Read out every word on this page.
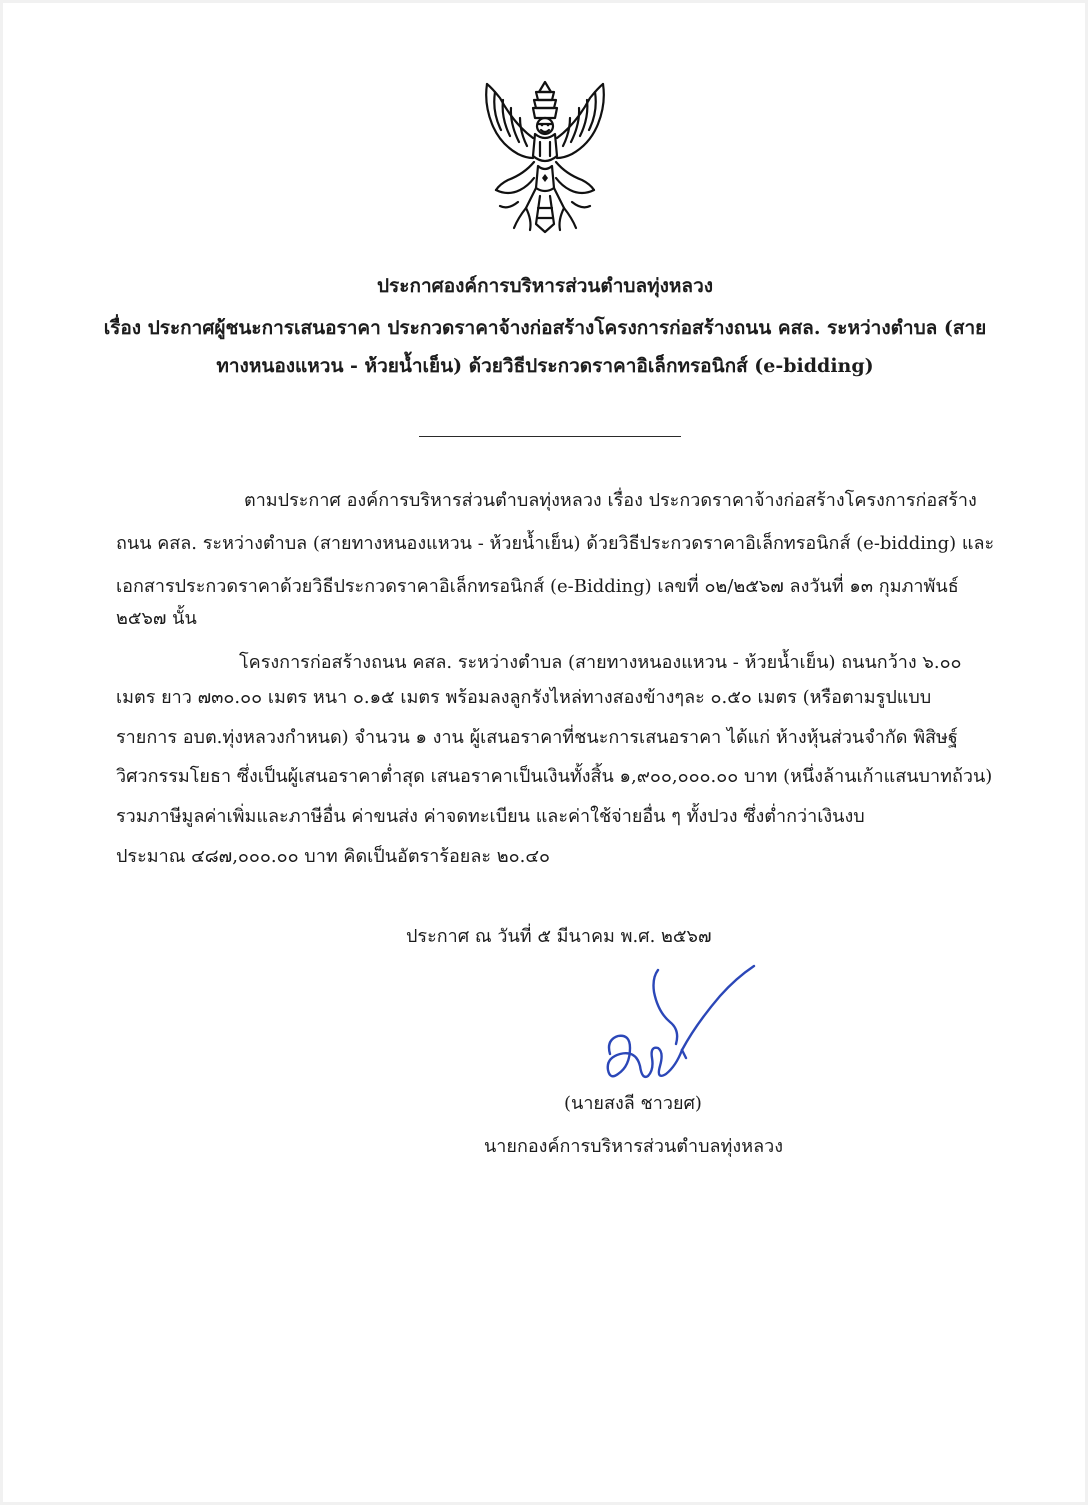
ประกาศองค์การบริหารส่วนตำบลทุ่งหลวง
เรื่อง ประกาศผู้ชนะการเสนอราคา ประกวดราคาจ้างก่อสร้างโครงการก่อสร้างถนน คสล. ระหว่างตำบล (สาย
ทางหนองแหวน - ห้วยน้ำเย็น) ด้วยวิธีประกวดราคาอิเล็กทรอนิกส์ (e-bidding)
ตามประกาศ องค์การบริหารส่วนตำบลทุ่งหลวง เรื่อง ประกวดราคาจ้างก่อสร้างโครงการก่อสร้าง
ถนน คสล. ระหว่างตำบล (สายทางหนองแหวน - ห้วยน้ำเย็น) ด้วยวิธีประกวดราคาอิเล็กทรอนิกส์ (e-bidding) และ
เอกสารประกวดราคาด้วยวิธีประกวดราคาอิเล็กทรอนิกส์ (e-Bidding) เลขที่ ๐๒/๒๕๖๗ ลงวันที่ ๑๓ กุมภาพันธ์
๒๕๖๗ นั้น
โครงการก่อสร้างถนน คสล. ระหว่างตำบล (สายทางหนองแหวน - ห้วยน้ำเย็น) ถนนกว้าง ๖.๐๐
เมตร ยาว ๗๓๐.๐๐ เมตร หนา ๐.๑๕ เมตร พร้อมลงลูกรังไหล่ทางสองข้างๆละ ๐.๕๐ เมตร (หรือตามรูปแบบ
รายการ อบต.ทุ่งหลวงกำหนด) จำนวน ๑ งาน ผู้เสนอราคาที่ชนะการเสนอราคา ได้แก่ ห้างหุ้นส่วนจำกัด พิสิษฐ์
วิศวกรรมโยธา ซึ่งเป็นผู้เสนอราคาต่ำสุด เสนอราคาเป็นเงินทั้งสิ้น ๑,๙๐๐,๐๐๐.๐๐ บาท (หนึ่งล้านเก้าแสนบาทถ้วน)
รวมภาษีมูลค่าเพิ่มและภาษีอื่น ค่าขนส่ง ค่าจดทะเบียน และค่าใช้จ่ายอื่น ๆ ทั้งปวง ซึ่งต่ำกว่าเงินงบ
ประมาณ ๔๘๗,๐๐๐.๐๐ บาท คิดเป็นอัตราร้อยละ ๒๐.๔๐
ประกาศ ณ วันที่ ๕ มีนาคม พ.ศ. ๒๕๖๗
(นายสงลี ชาวยศ)
นายกองค์การบริหารส่วนตำบลทุ่งหลวง
